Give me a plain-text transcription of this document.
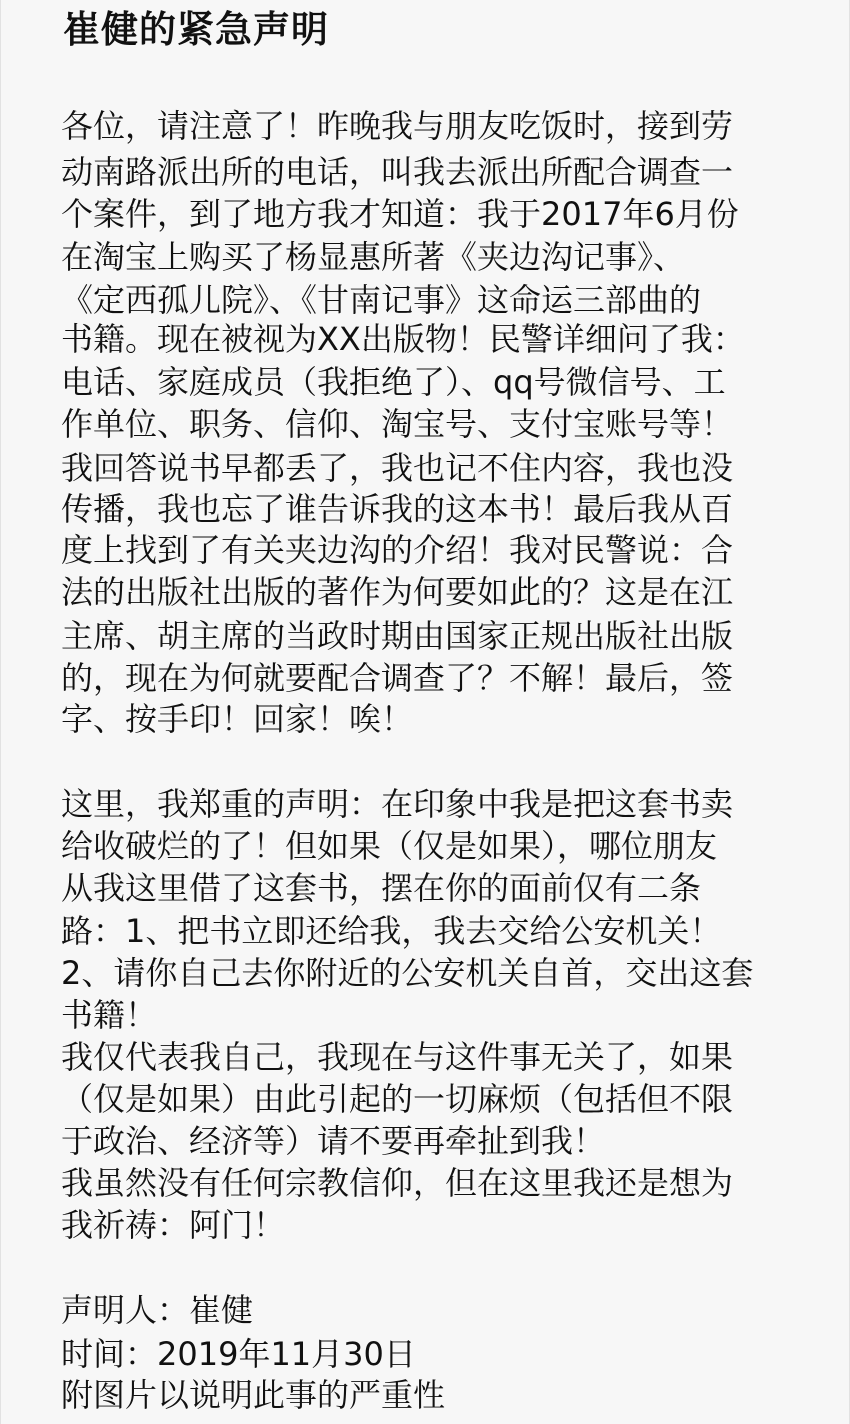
崔健的紧急声明
各位，请注意了！昨晚我与朋友吃饭时，接到劳
动南路派出所的电话，叫我去派出所配合调查一
个案件，到了地方我才知道：我于2017年6月份
在淘宝上购买了杨显惠所著《夹边沟记事》、
《定西孤儿院》、《甘南记事》这命运三部曲的
书籍。现在被视为XX出版物！民警详细问了我：
电话、家庭成员（我拒绝了）、qq号微信号、工
作单位、职务、信仰、淘宝号、支付宝账号等！
我回答说书早都丢了，我也记不住内容，我也没
传播，我也忘了谁告诉我的这本书！最后我从百
度上找到了有关夹边沟的介绍！我对民警说：合
法的出版社出版的著作为何要如此的？这是在江
主席、胡主席的当政时期由国家正规出版社出版
的，现在为何就要配合调查了？不解！最后，签
字、按手印！回家！唉！
这里，我郑重的声明：在印象中我是把这套书卖
给收破烂的了！但如果（仅是如果），哪位朋友
从我这里借了这套书，摆在你的面前仅有二条
路：1、把书立即还给我，我去交给公安机关！
2、请你自己去你附近的公安机关自首，交出这套
书籍！
我仅代表我自己，我现在与这件事无关了，如果
（仅是如果）由此引起的一切麻烦（包括但不限
于政治、经济等）请不要再牵扯到我！
我虽然没有任何宗教信仰，但在这里我还是想为
我祈祷：阿门！
声明人：崔健
时间：2019年11月30日
附图片以说明此事的严重性
